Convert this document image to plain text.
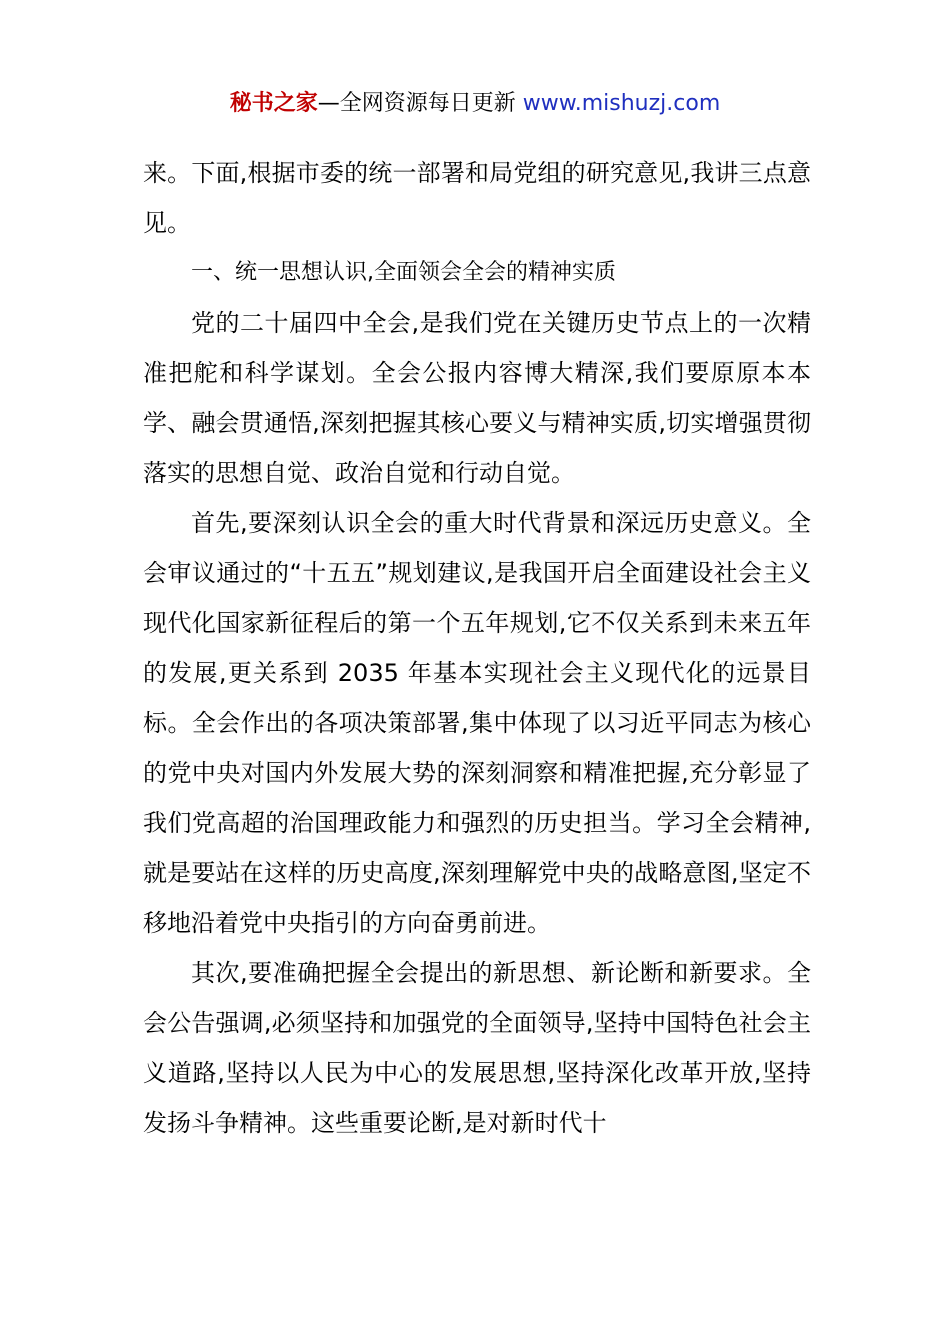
秘书之家—全网资源每日更新 www.mishuzj.com

来。下面,根据市委的统一部署和局党组的研究意见,我讲三点意见。

一、统一思想认识,全面领会全会的精神实质

党的二十届四中全会,是我们党在关键历史节点上的一次精准把舵和科学谋划。全会公报内容博大精深,我们要原原本本学、融会贯通悟,深刻把握其核心要义与精神实质,切实增强贯彻落实的思想自觉、政治自觉和行动自觉。

首先,要深刻认识全会的重大时代背景和深远历史意义。全会审议通过的“十五五”规划建议,是我国开启全面建设社会主义现代化国家新征程后的第一个五年规划,它不仅关系到未来五年的发展,更关系到 2035 年基本实现社会主义现代化的远景目标。全会作出的各项决策部署,集中体现了以习近平同志为核心的党中央对国内外发展大势的深刻洞察和精准把握,充分彰显了我们党高超的治国理政能力和强烈的历史担当。学习全会精神,就是要站在这样的历史高度,深刻理解党中央的战略意图,坚定不移地沿着党中央指引的方向奋勇前进。

其次,要准确把握全会提出的新思想、新论断和新要求。全会公告强调,必须坚持和加强党的全面领导,坚持中国特色社会主义道路,坚持以人民为中心的发展思想,坚持深化改革开放,坚持发扬斗争精神。这些重要论断,是对新时代十
